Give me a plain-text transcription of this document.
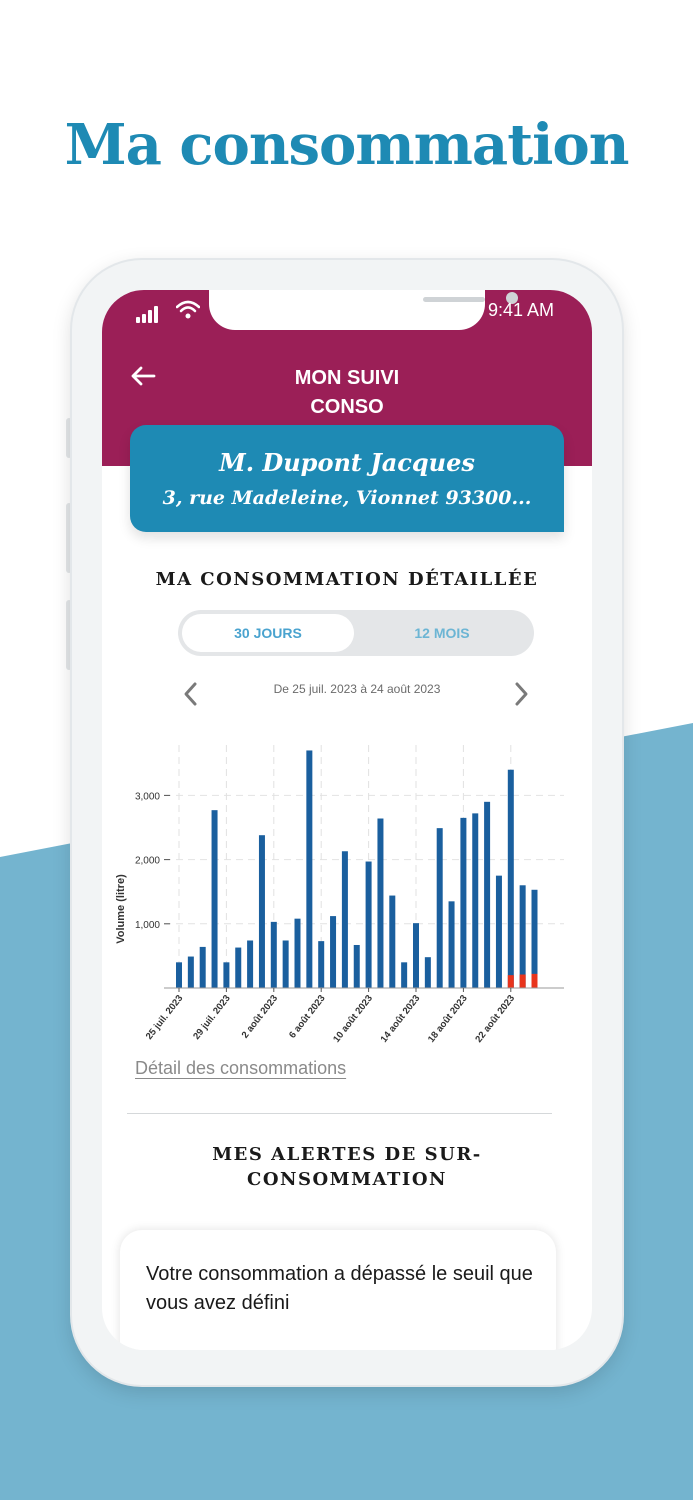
Ma consommation
9:41 AM
MON SUIVI
CONSO
M. Dupont Jacques
3, rue Madeleine, Vionnet 93300...
MA CONSOMMATION DÉTAILLÉE
30 JOURS	12 MOIS
De 25 juil. 2023 à 24 août 2023
1,000
2,000
3,000
Volume (litre)
25 juil. 2023 29 juil. 2023 2 août 2023 6 août 2023 10 août 2023 14 août 2023 18 août 2023 22 août 2023
Détail des consommations
MES ALERTES DE SUR-
CONSOMMATION
Votre consommation a dépassé le seuil que vous avez défini
